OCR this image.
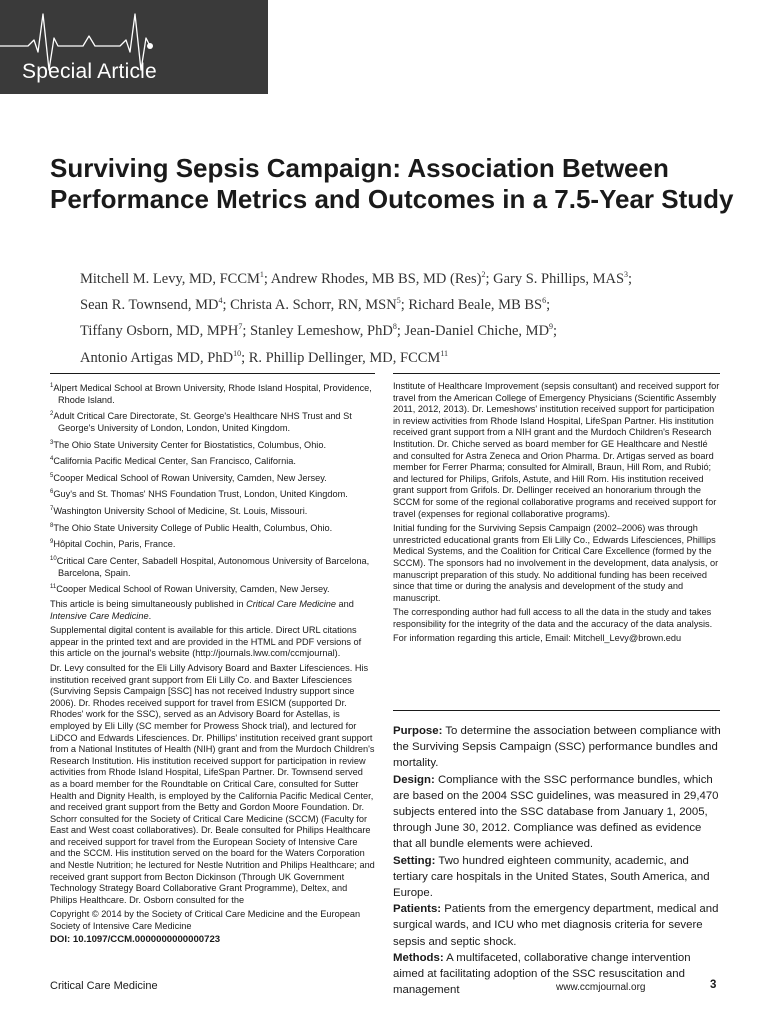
Special Article
Surviving Sepsis Campaign: Association Between Performance Metrics and Outcomes in a 7.5-Year Study
Mitchell M. Levy, MD, FCCM$^1$; Andrew Rhodes, MB BS, MD (Res)$^2$; Gary S. Phillips, MAS$^3$;
Sean R. Townsend, $MD^4$; Christa A. Schorr, RN, MSN$^5$; Richard Beale, MB $BS^6$;
Tiffany Osborn, MD, MPH$^7$; Stanley Lemeshow, PhD$^8$; Jean-Daniel Chiche, $MD^9$;
Antonio Artigas MD, PhD$^{10}$; R. Phillip Dellinger, MD, FCCM$^{11}$

$^1$Alpert Medical School at Brown University, Rhode Island Hospital, Providence, Rhode Island.

$^2$Adult Critical Care Directorate, St. George's Healthcare NHS Trust and St George's University of London, London, United Kingdom.

$^3$The Ohio State University Center for Biostatistics, Columbus, Ohio.

$^4$California Pacific Medical Center, San Francisco, California.

$^5$Cooper Medical School of Rowan University, Camden, New Jersey.

$^6$Guy's and St. Thomas' NHS Foundation Trust, London, United Kingdom.

$^7$Washington University School of Medicine, St. Louis, Missouri.

$^8$The Ohio State University College of Public Health, Columbus, Ohio.

$^9$Hôpital Cochin, Paris, France.

$^{10}$Critical Care Center, Sabadell Hospital, Autonomous University of Barcelona, Barcelona, Spain.

$^{11}$Cooper Medical School of Rowan University, Camden, New Jersey.

This article is being simultaneously published in Critical Care Medicine and Intensive Care Medicine.

Supplemental digital content is available for this article. Direct URL citations appear in the printed text and are provided in the HTML and PDF versions of this article on the journal's website (http://journals.lww.com/ccmjournal).

Dr. Levy consulted for the Eli Lilly Advisory Board and Baxter Lifesciences. His institution received grant support from Eli Lilly Co. and Baxter Lifesciences (Surviving Sepsis Campaign [SSC] has not received Industry support since 2006). Dr. Rhodes received support for travel from ESICM (supported Dr. Rhodes' work for the SSC), served as an Advisory Board for Astellas, is employed by Eli Lilly (SC member for Prowess Shock trial), and lectured for LiDCO and Edwards Lifesciences. Dr. Phillips' institution received grant support from a National Institutes of Health (NIH) grant and from the Murdoch Children's Research Institution. His institution received support for participation in review activities from Rhode Island Hospital, LifeSpan Partner. Dr. Townsend served as a board member for the Roundtable on Critical Care, consulted for Sutter Health and Dignity Health, is employed by the California Pacific Medical Center, and received grant support from the Betty and Gordon Moore Foundation. Dr. Schorr consulted for the Society of Critical Care Medicine (SCCM) (Faculty for East and West coast collaboratives). Dr. Beale consulted for Philips Healthcare and received support for travel from the European Society of Intensive Care and the SCCM. His institution served on the board for the Waters Corporation and Nestle Nutrition; he lectured for Nestle Nutrition and Philips Healthcare; and received grant support from Becton Dickinson (Through UK Government Technology Strategy Board Collaborative Grant Programme), Deltex, and Philips Healthcare. Dr. Osborn consulted for the

Copyright © 2014 by the Society of Critical Care Medicine and the European Society of Intensive Care Medicine

DOI: 10.1097/CCM.0000000000000723

Institute of Healthcare Improvement (sepsis consultant) and received support for travel from the American College of Emergency Physicians (Scientific Assembly 2011, 2012, 2013). Dr. Lemeshows' institution received support for participation in review activities from Rhode Island Hospital, LifeSpan Partner. His institution received grant support from a NIH grant and the Murdoch Children's Research Institution. Dr. Chiche served as board member for GE Healthcare and Nestlé and consulted for Astra Zeneca and Orion Pharma. Dr. Artigas served as board member for Ferrer Pharma; consulted for Almirall, Braun, Hill Rom, and Rubió; and lectured for Philips, Grifols, Astute, and Hill Rom. His institution received grant support from Grifols. Dr. Dellinger received an honorarium through the SCCM for some of the regional collaborative programs and received support for travel (expenses for regional collaborative programs).

Initial funding for the Surviving Sepsis Campaign (2002–2006) was through unrestricted educational grants from Eli Lilly Co., Edwards Lifesciences, Phillips Medical Systems, and the Coalition for Critical Care Excellence (formed by the SCCM). The sponsors had no involvement in the development, data analysis, or manuscript preparation of this study. No additional funding has been received since that time or during the analysis and development of the study and manuscript.

The corresponding author had full access to all the data in the study and takes responsibility for the integrity of the data and the accuracy of the data analysis.

For information regarding this article, Email: Mitchell_Levy@brown.edu

Purpose: To determine the association between compliance with the Surviving Sepsis Campaign (SSC) performance bundles and mortality.

Design: Compliance with the SSC performance bundles, which are based on the 2004 SSC guidelines, was measured in 29,470 subjects entered into the SSC database from January 1, 2005, through June 30, 2012. Compliance was defined as evidence that all bundle elements were achieved.

Setting: Two hundred eighteen community, academic, and tertiary care hospitals in the United States, South America, and Europe.

Patients: Patients from the emergency department, medical and surgical wards, and ICU who met diagnosis criteria for severe sepsis and septic shock.

Methods: A multifaceted, collaborative change intervention aimed at facilitating adoption of the SSC resuscitation and management

Critical Care Medicine	www.ccmjournal.org	3
